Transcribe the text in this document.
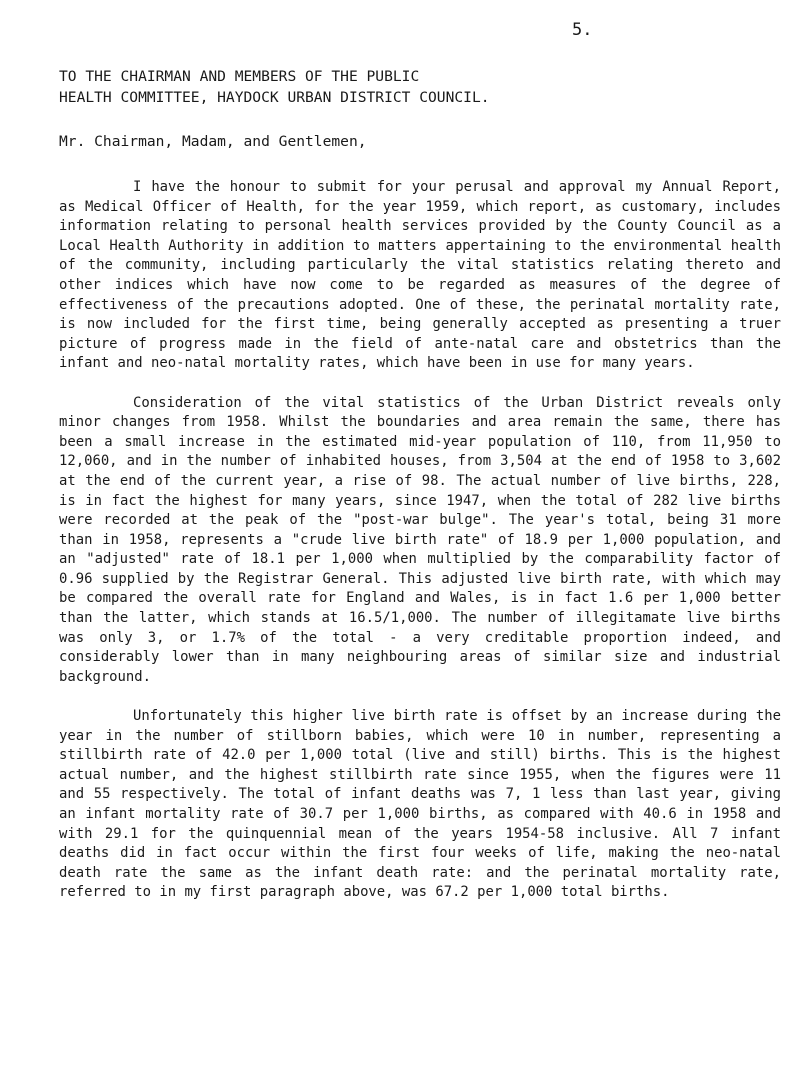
5.
TO THE CHAIRMAN AND MEMBERS OF THE PUBLIC
HEALTH COMMITTEE, HAYDOCK URBAN DISTRICT COUNCIL.
Mr. Chairman, Madam, and Gentlemen,

I have the honour to submit for your perusal and approval my Annual Report, as Medical Officer of Health, for the year 1959, which report, as customary, includes information relating to personal health services provided by the County Council as a Local Health Authority in addition to matters appertaining to the environmental health of the community, including particularly the vital statistics relating thereto and other indices which have now come to be regarded as measures of the degree of effectiveness of the precautions adopted. One of these, the perinatal mortality rate, is now included for the first time, being generally accepted as presenting a truer picture of progress made in the field of ante-natal care and obstetrics than the infant and neo-natal mortality rates, which have been in use for many years.

Consideration of the vital statistics of the Urban District reveals only minor changes from 1958. Whilst the boundaries and area remain the same, there has been a small increase in the estimated mid-year population of 110, from 11,950 to 12,060, and in the number of inhabited houses, from 3,504 at the end of 1958 to 3,602 at the end of the current year, a rise of 98. The actual number of live births, 228, is in fact the highest for many years, since 1947, when the total of 282 live births were recorded at the peak of the "post-war bulge". The year's total, being 31 more than in 1958, represents a "crude live birth rate" of 18.9 per 1,000 population, and an "adjusted" rate of 18.1 per 1,000 when multiplied by the comparability factor of 0.96 supplied by the Registrar General. This adjusted live birth rate, with which may be compared the overall rate for England and Wales, is in fact 1.6 per 1,000 better than the latter, which stands at 16.5/1,000. The number of illegitamate live births was only 3, or 1.7% of the total - a very creditable proportion indeed, and considerably lower than in many neighbouring areas of similar size and industrial background.

Unfortunately this higher live birth rate is offset by an increase during the year in the number of stillborn babies, which were 10 in number, representing a stillbirth rate of 42.0 per 1,000 total (live and still) births. This is the highest actual number, and the highest stillbirth rate since 1955, when the figures were 11 and 55 respectively. The total of infant deaths was 7, 1 less than last year, giving an infant mortality rate of 30.7 per 1,000 births, as compared with 40.6 in 1958 and with 29.1 for the quinquennial mean of the years 1954-58 inclusive. All 7 infant deaths did in fact occur within the first four weeks of life, making the neo-natal death rate the same as the infant death rate: and the perinatal mortality rate, referred to in my first paragraph above, was 67.2 per 1,000 total births.
